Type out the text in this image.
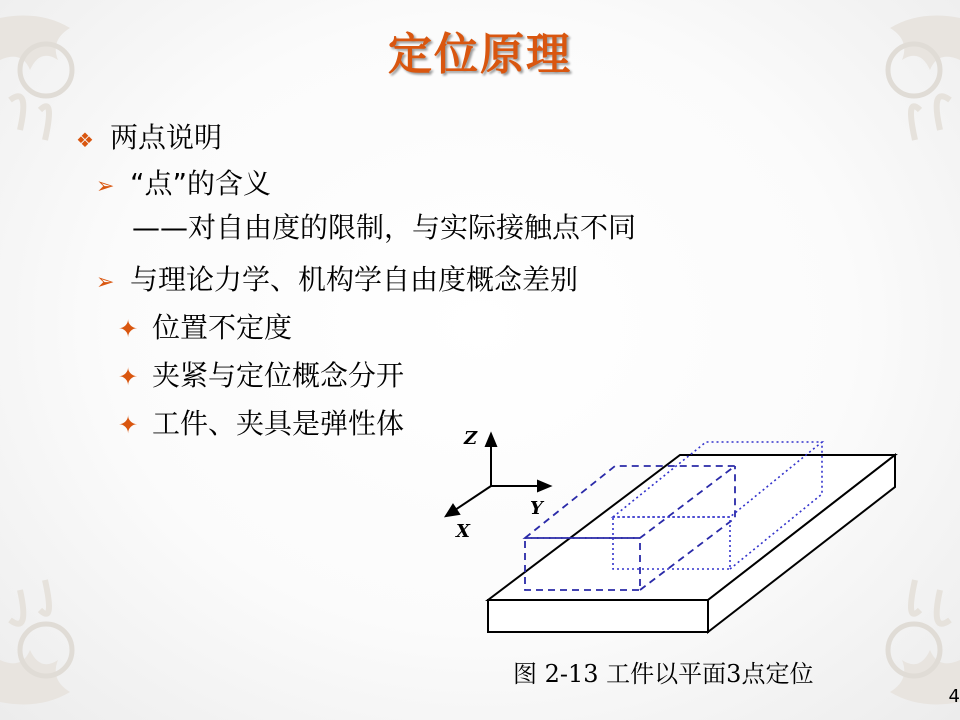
定位原理
❖ 两点说明
➢ “点”的含义
——对自由度的限制，与实际接触点不同
➢ 与理论力学、机构学自由度概念差别
✦ 位置不定度
✦ 夹紧与定位概念分开
✦ 工件、夹具是弹性体	Z
Y
X
图 2-13 工件以平面3点定位
4
